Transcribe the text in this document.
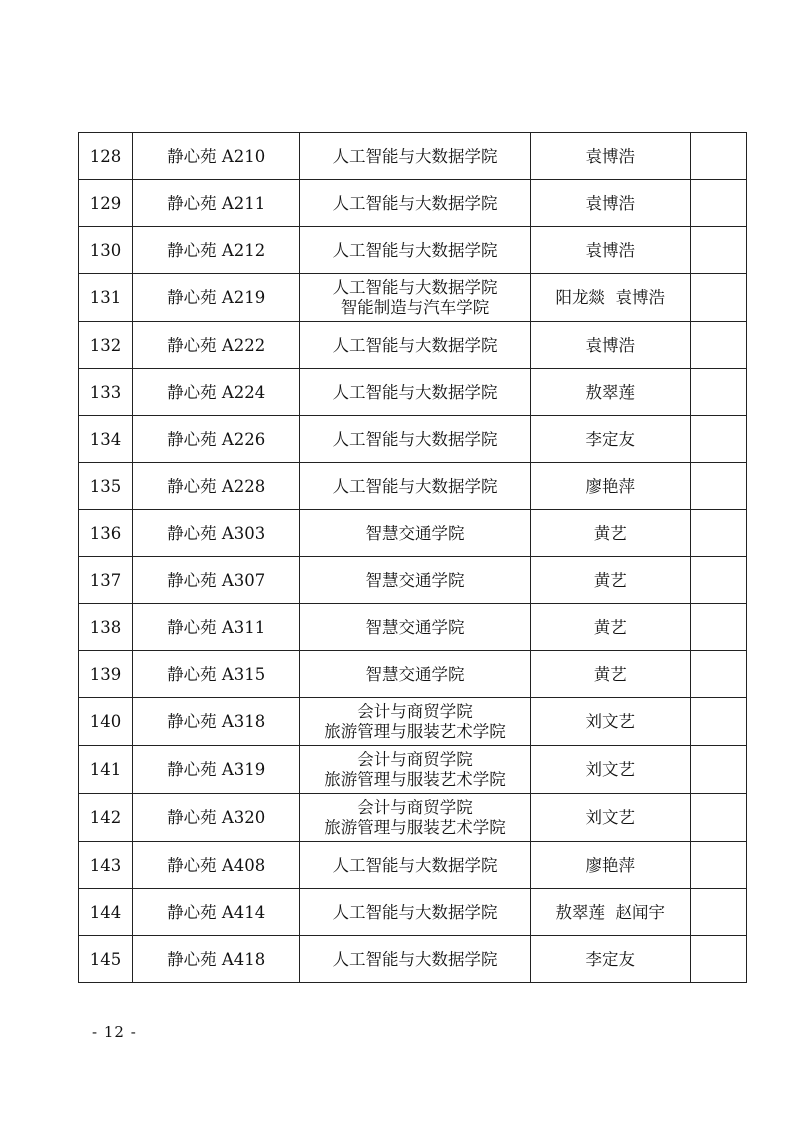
128	静心苑 A210	人工智能与大数据学院	袁博浩	
129	静心苑 A211	人工智能与大数据学院	袁博浩	
130	静心苑 A212	人工智能与大数据学院	袁博浩	
131	静心苑 A219	人工智能与大数据学院
智能制造与汽车学院	阳龙燚  袁博浩	
132	静心苑 A222	人工智能与大数据学院	袁博浩	
133	静心苑 A224	人工智能与大数据学院	敖翠莲	
134	静心苑 A226	人工智能与大数据学院	李定友	
135	静心苑 A228	人工智能与大数据学院	廖艳萍	
136	静心苑 A303	智慧交通学院	黄艺	
137	静心苑 A307	智慧交通学院	黄艺	
138	静心苑 A311	智慧交通学院	黄艺	
139	静心苑 A315	智慧交通学院	黄艺	
140	静心苑 A318	会计与商贸学院
旅游管理与服装艺术学院	刘文艺	
141	静心苑 A319	会计与商贸学院
旅游管理与服装艺术学院	刘文艺	
142	静心苑 A320	会计与商贸学院
旅游管理与服装艺术学院	刘文艺	
143	静心苑 A408	人工智能与大数据学院	廖艳萍	
144	静心苑 A414	人工智能与大数据学院	敖翠莲  赵闻宇	
145	静心苑 A418	人工智能与大数据学院	李定友	
- 12 -
